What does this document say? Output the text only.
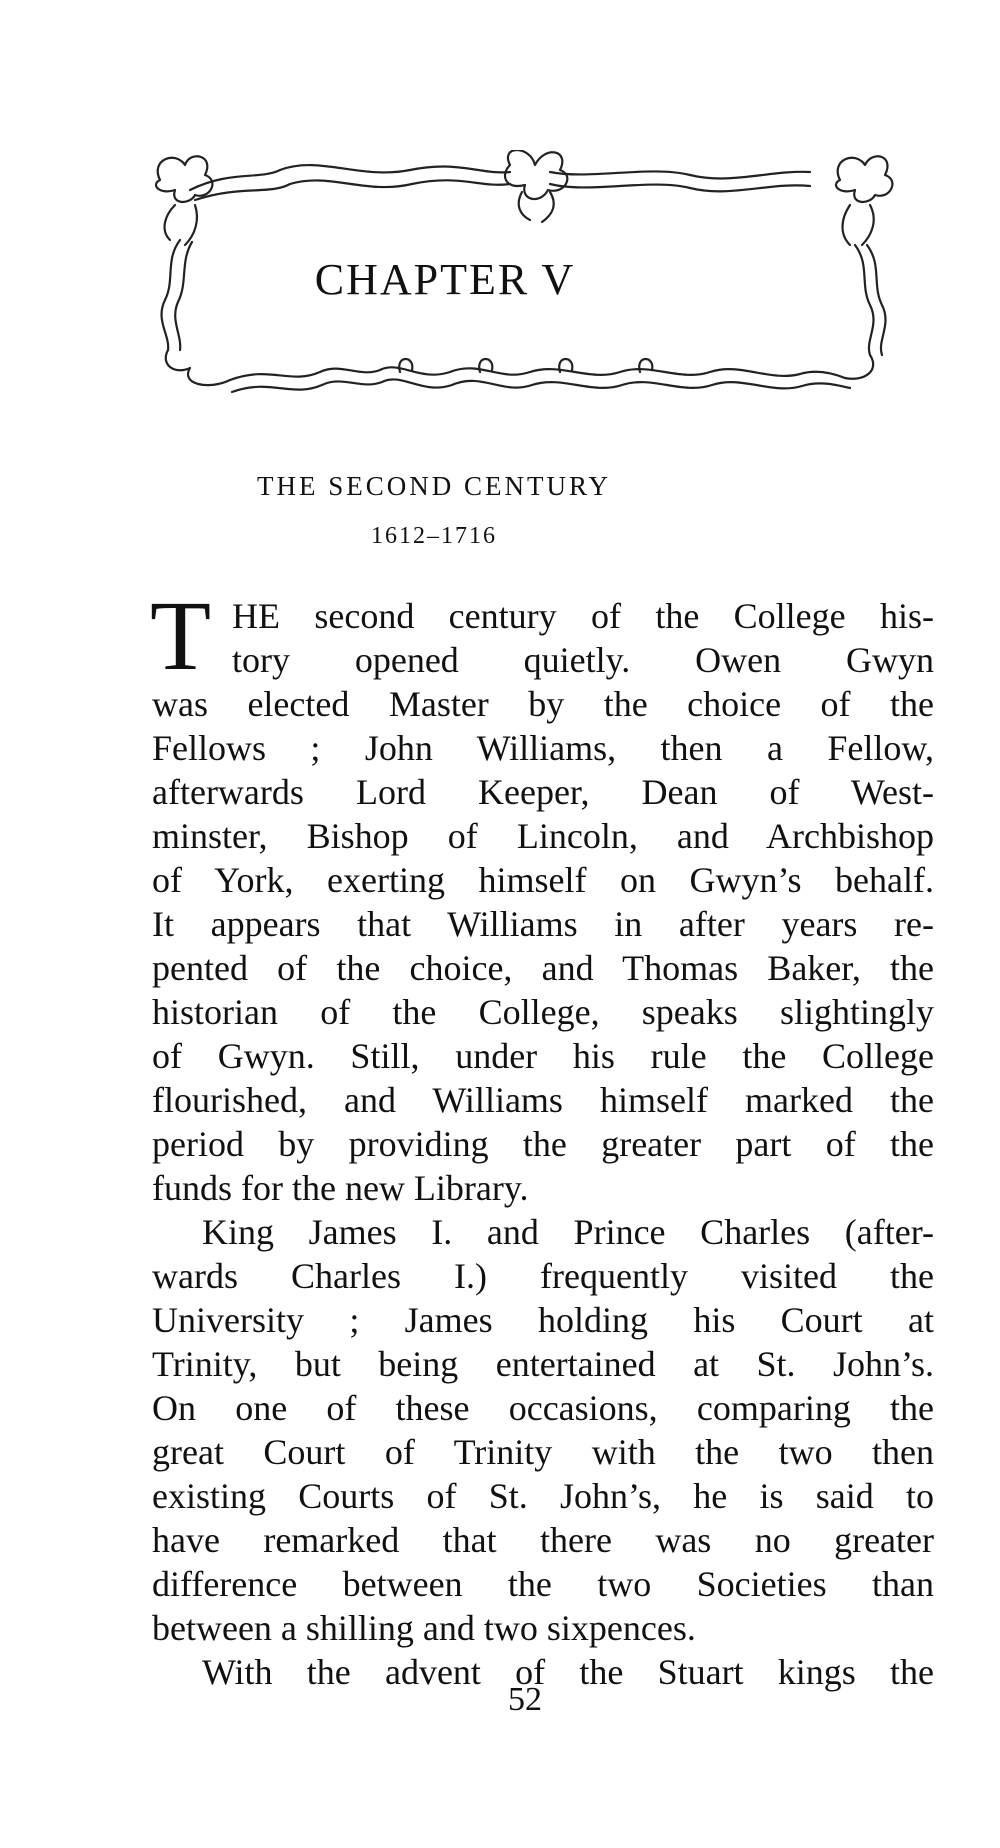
CHAPTER V
THE SECOND CENTURY
1612–1716
T HE second century of the College his-
tory opened quietly. Owen Gwyn
was elected Master by the choice of the
Fellows ; John Williams, then a Fellow,
afterwards Lord Keeper, Dean of West-
minster, Bishop of Lincoln, and Archbishop
of York, exerting himself on Gwyn’s behalf.
It appears that Williams in after years re-
pented of the choice, and Thomas Baker, the
historian of the College, speaks slightingly
of Gwyn. Still, under his rule the College
flourished, and Williams himself marked the
period by providing the greater part of the
funds for the new Library.
King James I. and Prince Charles (after-
wards Charles I.) frequently visited the
University ; James holding his Court at
Trinity, but being entertained at St. John’s.
On one of these occasions, comparing the
great Court of Trinity with the two then
existing Courts of St. John’s, he is said to
have remarked that there was no greater
difference between the two Societies than
between a shilling and two sixpences.
With the advent of the Stuart kings the
52
